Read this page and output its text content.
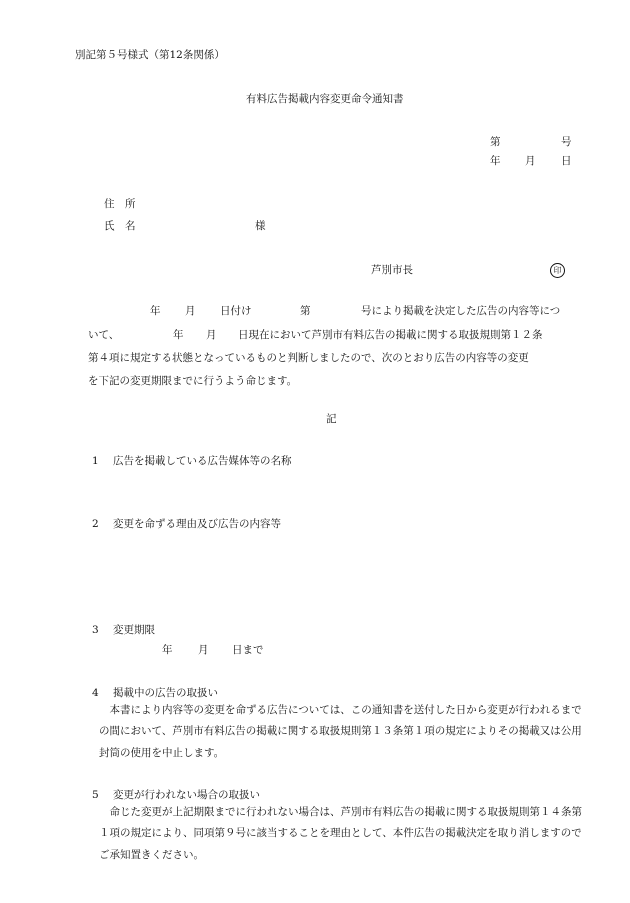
別記第５号様式（第12条関係）
有料広告掲載内容変更命令通知書
第	号
年 月 日
住　所
氏　名	様
芦別市長	印
年 月 日付け	第	号により掲載を決定した広告の内容等につ
いて、	年 月 日現在において芦別市有料広告の掲載に関する取扱規則第１２条
第４項に規定する状態となっているものと判断しましたので、次のとおり広告の内容等の変更
を下記の変更期限までに行うよう命じます。
記
1 広告を掲載している広告媒体等の名称
2 変更を命ずる理由及び広告の内容等
3 変更期限
年 月 日まで
4 掲載中の広告の取扱い

本書により内容等の変更を命ずる広告については、この通知書を送付した日から変更が行われるまでの間において、芦別市有料広告の掲載に関する取扱規則第１３条第１項の規定によりその掲載又は公用封筒の使用を中止します。

5 変更が行われない場合の取扱い

命じた変更が上記期限までに行われない場合は、芦別市有料広告の掲載に関する取扱規則第１４条第１項の規定により、同項第９号に該当することを理由として、本件広告の掲載決定を取り消しますのでご承知置きください。
